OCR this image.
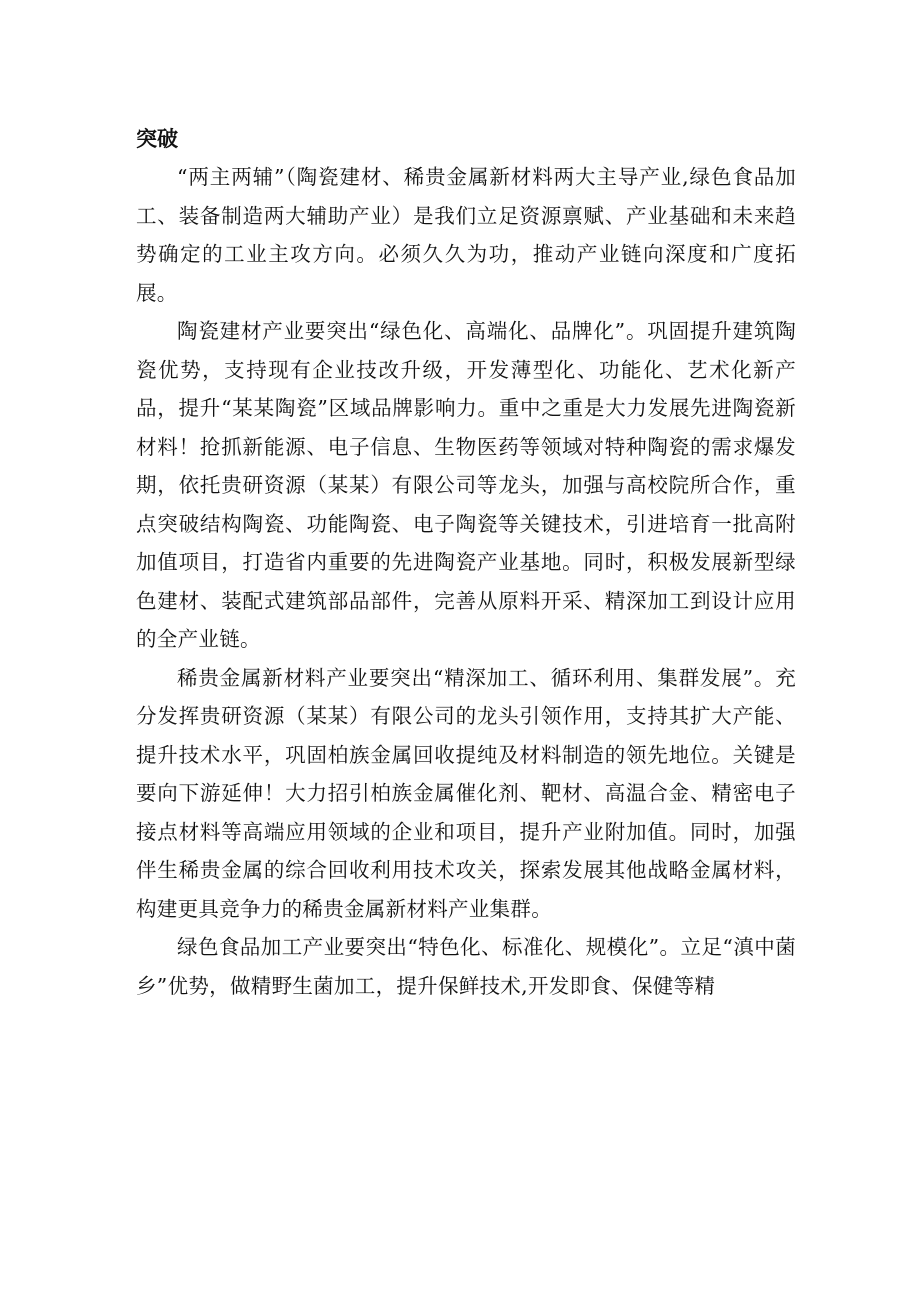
突破

“两主两辅”（陶瓷建材、稀贵金属新材料两大主导产业,绿色食品加工、装备制造两大辅助产业）是我们立足资源禀赋、产业基础和未来趋势确定的工业主攻方向。必须久久为功，推动产业链向深度和广度拓展。

陶瓷建材产业要突出“绿色化、高端化、品牌化”。巩固提升建筑陶瓷优势，支持现有企业技改升级，开发薄型化、功能化、艺术化新产品，提升“某某陶瓷”区域品牌影响力。重中之重是大力发展先进陶瓷新材料！抢抓新能源、电子信息、生物医药等领域对特种陶瓷的需求爆发期，依托贵研资源（某某）有限公司等龙头，加强与高校院所合作，重点突破结构陶瓷、功能陶瓷、电子陶瓷等关键技术，引进培育一批高附加值项目，打造省内重要的先进陶瓷产业基地。同时，积极发展新型绿色建材、装配式建筑部品部件，完善从原料开采、精深加工到设计应用的全产业链。

稀贵金属新材料产业要突出“精深加工、循环利用、集群发展”。充分发挥贵研资源（某某）有限公司的龙头引领作用，支持其扩大产能、提升技术水平，巩固柏族金属回收提纯及材料制造的领先地位。关键是要向下游延伸！大力招引柏族金属催化剂、靶材、高温合金、精密电子接点材料等高端应用领域的企业和项目，提升产业附加值。同时，加强伴生稀贵金属的综合回收利用技术攻关，探索发展其他战略金属材料，构建更具竞争力的稀贵金属新材料产业集群。

绿色食品加工产业要突出“特色化、标准化、规模化”。立足“滇中菌乡”优势，做精野生菌加工，提升保鲜技术,开发即食、保健等精
